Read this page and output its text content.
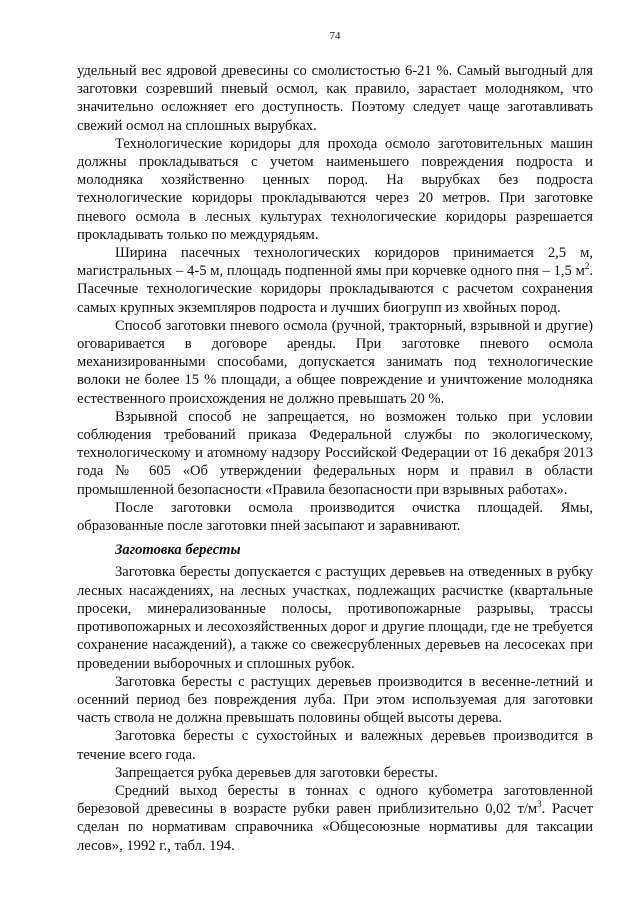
74

удельный вес ядровой древесины со смолистостью 6-21 %. Самый выгодный для заготовки созревший пневый осмол, как правило, зарастает молодняком, что значительно осложняет его доступность. Поэтому следует чаще заготавливать свежий осмол на сплошных вырубках.

Технологические коридоры для прохода осмоло заготовительных машин должны прокладываться с учетом наименьшего повреждения подроста и молодняка хозяйственно ценных пород. На вырубках без подроста технологические коридоры прокладываются через 20 метров. При заготовке пневого осмола в лесных культурах технологические коридоры разрешается прокладывать только по междурядьям.

Ширина пасечных технологических коридоров принимается 2,5 м, магистральных – 4-5 м, площадь подпенной ямы при корчевке одного пня – 1,5 $м^2$. Пасечные технологические коридоры прокладываются с расчетом сохранения самых крупных экземпляров подроста и лучших биогрупп из хвойных пород.

Способ заготовки пневого осмола (ручной, тракторный, взрывной и другие) оговаривается в договоре аренды. При заготовке пневого осмола механизированными способами, допускается занимать под технологические волоки не более 15 % площади, а общее повреждение и уничтожение молодняка естественного происхождения не должно превышать 20 %.

Взрывной способ не запрещается, но возможен только при условии соблюдения требований приказа Федеральной службы по экологическому, технологическому и атомному надзору Российской Федерации от 16 декабря 2013 года № 605 «Об утверждении федеральных норм и правил в области промышленной безопасности «Правила безопасности при взрывных работах».

После заготовки осмола производится очистка площадей. Ямы, образованные после заготовки пней засыпают и заравнивают.

Заготовка бересты

Заготовка бересты допускается с растущих деревьев на отведенных в рубку лесных насаждениях, на лесных участках, подлежащих расчистке (квартальные просеки, минерализованные полосы, противопожарные разрывы, трассы противопожарных и лесохозяйственных дорог и другие площади, где не требуется сохранение насаждений), а также со свежесрубленных деревьев на лесосеках при проведении выборочных и сплошных рубок.

Заготовка бересты с растущих деревьев производится в весенне-летний и осенний период без повреждения луба. При этом используемая для заготовки часть ствола не должна превышать половины общей высоты дерева.

Заготовка бересты с сухостойных и валежных деревьев производится в течение всего года.

Запрещается рубка деревьев для заготовки бересты.

Средний выход бересты в тоннах с одного кубометра заготовленной березовой древесины в возрасте рубки равен приблизительно 0,02 $т/м^3$. Расчет сделан по нормативам справочника «Общесоюзные нормативы для таксации лесов», 1992 г., табл. 194.
